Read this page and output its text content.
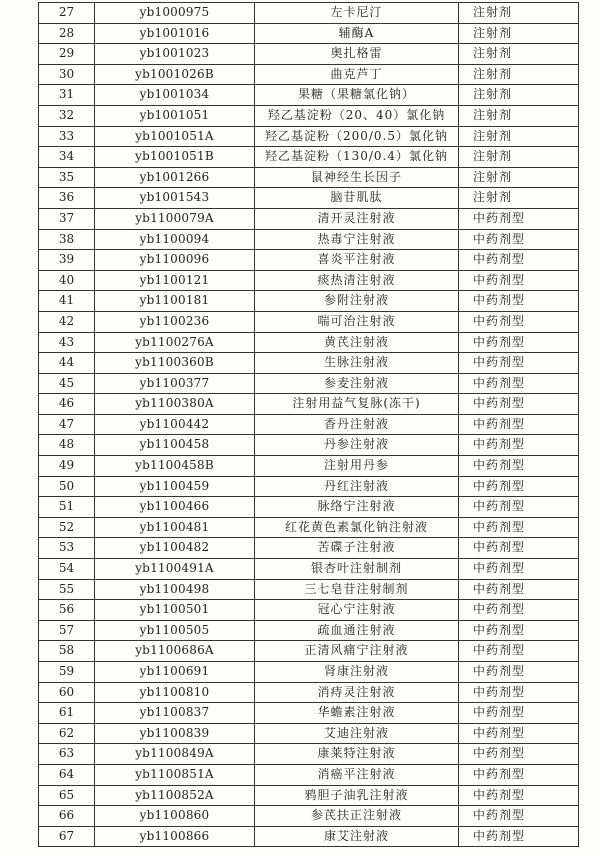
27	yb1000975	左卡尼汀	注射剂
28	yb1001016	辅酶A	注射剂
29	yb1001023	奥扎格雷	注射剂
30	yb1001026B	曲克芦丁	注射剂
31	yb1001034	果糖（果糖氯化钠）	注射剂
32	yb1001051	羟乙基淀粉（20、40）氯化钠	注射剂
33	yb1001051A	羟乙基淀粉（200/0.5）氯化钠	注射剂
34	yb1001051B	羟乙基淀粉（130/0.4）氯化钠	注射剂
35	yb1001266	鼠神经生长因子	注射剂
36	yb1001543	脑苷肌肽	注射剂
37	yb1100079A	清开灵注射液	中药剂型
38	yb1100094	热毒宁注射液	中药剂型
39	yb1100096	喜炎平注射液	中药剂型
40	yb1100121	痰热清注射液	中药剂型
41	yb1100181	参附注射液	中药剂型
42	yb1100236	喘可治注射液	中药剂型
43	yb1100276A	黄芪注射液	中药剂型
44	yb1100360B	生脉注射液	中药剂型
45	yb1100377	参麦注射液	中药剂型
46	yb1100380A	注射用益气复脉(冻干)	中药剂型
47	yb1100442	香丹注射液	中药剂型
48	yb1100458	丹参注射液	中药剂型
49	yb1100458B	注射用丹参	中药剂型
50	yb1100459	丹红注射液	中药剂型
51	yb1100466	脉络宁注射液	中药剂型
52	yb1100481	红花黄色素氯化钠注射液	中药剂型
53	yb1100482	苦碟子注射液	中药剂型
54	yb1100491A	银杏叶注射制剂	中药剂型
55	yb1100498	三七皂苷注射制剂	中药剂型
56	yb1100501	冠心宁注射液	中药剂型
57	yb1100505	疏血通注射液	中药剂型
58	yb1100686A	正清风痛宁注射液	中药剂型
59	yb1100691	肾康注射液	中药剂型
60	yb1100810	消痔灵注射液	中药剂型
61	yb1100837	华蟾素注射液	中药剂型
62	yb1100839	艾迪注射液	中药剂型
63	yb1100849A	康莱特注射液	中药剂型
64	yb1100851A	消癌平注射液	中药剂型
65	yb1100852A	鸦胆子油乳注射液	中药剂型
66	yb1100860	参芪扶正注射液	中药剂型
67	yb1100866	康艾注射液	中药剂型
